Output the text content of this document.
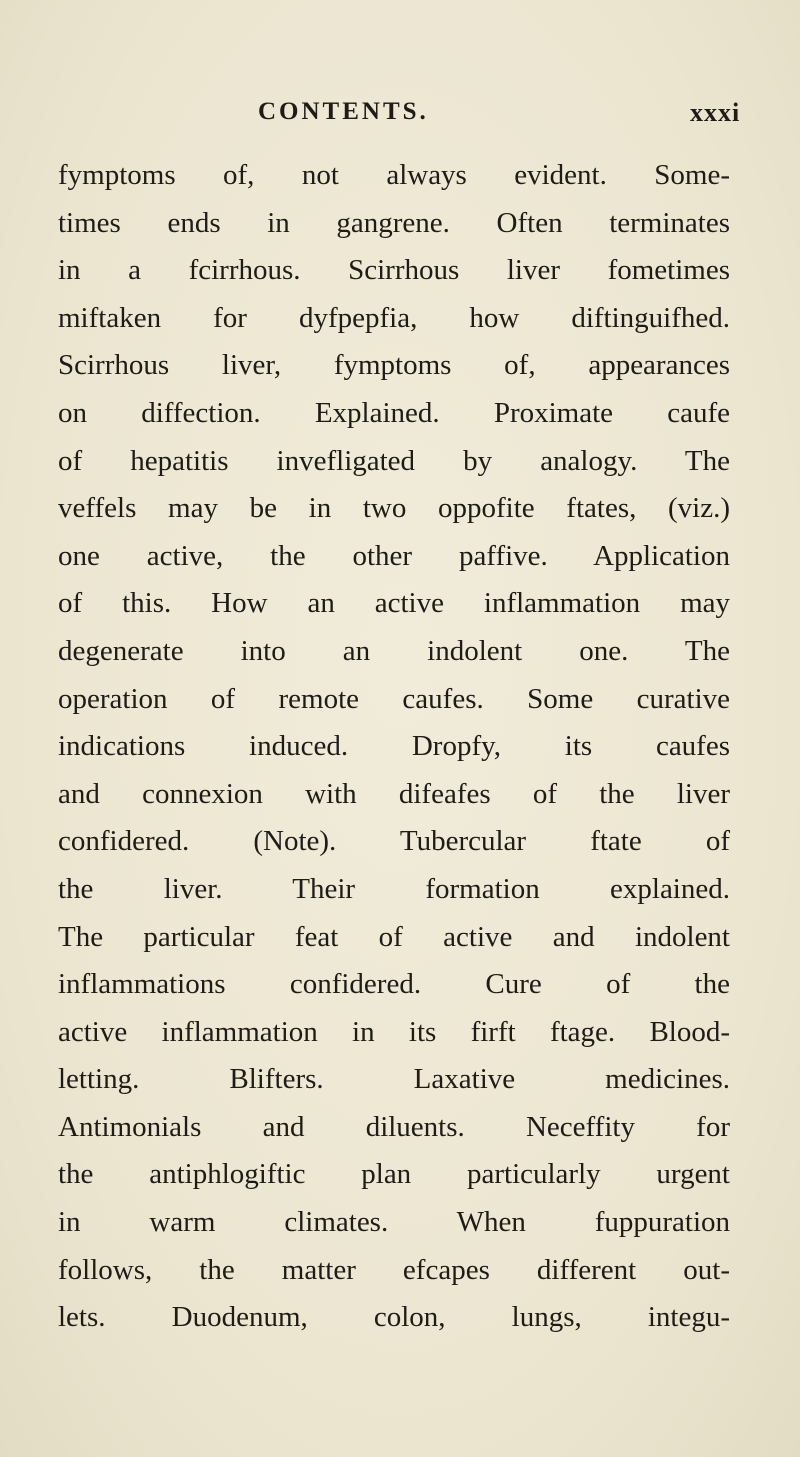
CONTENTS.	xxxi
fymptoms of, not always evident. Some-
times ends in gangrene. Often terminates
in a fcirrhous. Scirrhous liver fometimes
miftaken for dyfpepfia, how diftinguifhed.
Scirrhous liver, fymptoms of, appearances
on diffection. Explained. Proximate caufe
of hepatitis invefligated by analogy. The
veffels may be in two oppofite ftates, (viz.)
one active, the other paffive. Application
of this. How an active inflammation may
degenerate into an indolent one. The
operation of remote caufes. Some curative
indications induced. Dropfy, its caufes
and connexion with difeafes of the liver
confidered. (Note). Tubercular ftate of
the liver. Their formation explained.
The particular feat of active and indolent
inflammations confidered. Cure of the
active inflammation in its firft ftage. Blood-
letting. Blifters. Laxative medicines.
Antimonials and diluents. Neceffity for
the antiphlogiftic plan particularly urgent
in warm climates. When fuppuration
follows, the matter efcapes different out-
lets. Duodenum, colon, lungs, integu-
